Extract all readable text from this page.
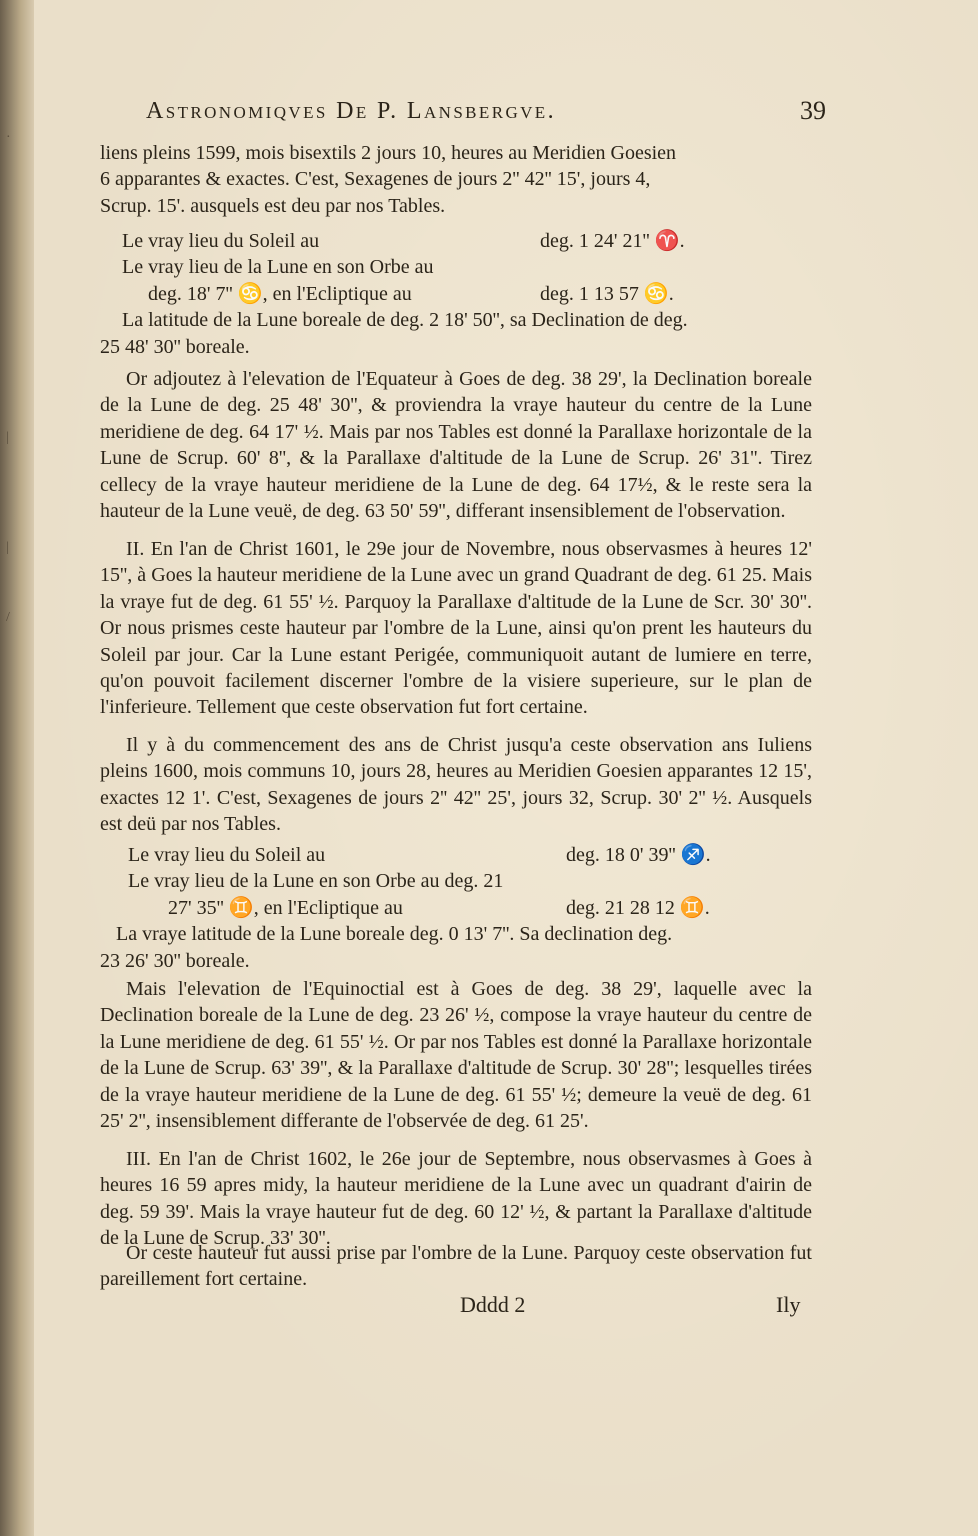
·
|
|
/
Astronomiqves De P. Lansbergve.	39

liens pleins 1599, mois bisextils 2 jours 10, heures au Meridien Goesien

6 apparantes & exactes. C'est, Sexagenes de jours 2'' 42'' 15', jours 4,

Scrup. 15'. ausquels est deu par nos Tables.

Le vray lieu du Soleil au	deg. 1 24' 21'' ♈.
Le vray lieu de la Lune en son Orbe au
deg. 18' 7'' ♋, en l'Ecliptique au	deg. 1 13 57 ♋.
La latitude de la Lune boreale de deg. 2 18' 50'', sa Declination de deg.
25 48' 30'' boreale.

Or adjoutez à l'elevation de l'Equateur à Goes de deg. 38 29', la Declination boreale de la Lune de deg. 25 48' 30'', & proviendra la vraye hauteur du centre de la Lune meridiene de deg. 64 17' ½. Mais par nos Tables est donné la Parallaxe horizontale de la Lune de Scrup. 60' 8'', & la Parallaxe d'altitude de la Lune de Scrup. 26' 31''. Tirez cellecy de la vraye hauteur meridiene de la Lune de deg. 64 17½, & le reste sera la hauteur de la Lune veuë, de deg. 63 50' 59'', differant insensiblement de l'observation.

II. En l'an de Christ 1601, le 29e jour de Novembre, nous observasmes à heures 12' 15'', à Goes la hauteur meridiene de la Lune avec un grand Quadrant de deg. 61 25. Mais la vraye fut de deg. 61 55' ½. Parquoy la Parallaxe d'altitude de la Lune de Scr. 30' 30''. Or nous prismes ceste hauteur par l'ombre de la Lune, ainsi qu'on prent les hauteurs du Soleil par jour. Car la Lune estant Perigée, communiquoit autant de lumiere en terre, qu'on pouvoit facilement discerner l'ombre de la visiere superieure, sur le plan de l'inferieure. Tellement que ceste observation fut fort certaine.

Il y à du commencement des ans de Christ jusqu'a ceste observation ans Iuliens pleins 1600, mois communs 10, jours 28, heures au Meridien Goesien apparantes 12 15', exactes 12 1'. C'est, Sexagenes de jours 2'' 42'' 25', jours 32, Scrup. 30' 2'' ½. Ausquels est deü par nos Tables.

Le vray lieu du Soleil au	deg. 18 0' 39'' ♐.
Le vray lieu de la Lune en son Orbe au deg. 21
27' 35'' ♊, en l'Ecliptique au	deg. 21 28 12 ♊.
La vraye latitude de la Lune boreale deg. 0 13' 7''. Sa declination deg.
23 26' 30'' boreale.

Mais l'elevation de l'Equinoctial est à Goes de deg. 38 29', laquelle avec la Declination boreale de la Lune de deg. 23 26' ½, compose la vraye hauteur du centre de la Lune meridiene de deg. 61 55' ½. Or par nos Tables est donné la Parallaxe horizontale de la Lune de Scrup. 63' 39'', & la Parallaxe d'altitude de Scrup. 30' 28''; lesquelles tirées de la vraye hauteur meridiene de la Lune de deg. 61 55' ½; demeure la veuë de deg. 61 25' 2'', insensiblement differante de l'observée de deg. 61 25'.

III. En l'an de Christ 1602, le 26e jour de Septembre, nous observasmes à Goes à heures 16 59 apres midy, la hauteur meridiene de la Lune avec un quadrant d'airin de deg. 59 39'. Mais la vraye hauteur fut de deg. 60 12' ½, & partant la Parallaxe d'altitude de la Lune de Scrup. 33' 30''.

Or ceste hauteur fut aussi prise par l'ombre de la Lune. Parquoy ceste observation fut pareillement fort certaine.

Dddd 2	Ily
